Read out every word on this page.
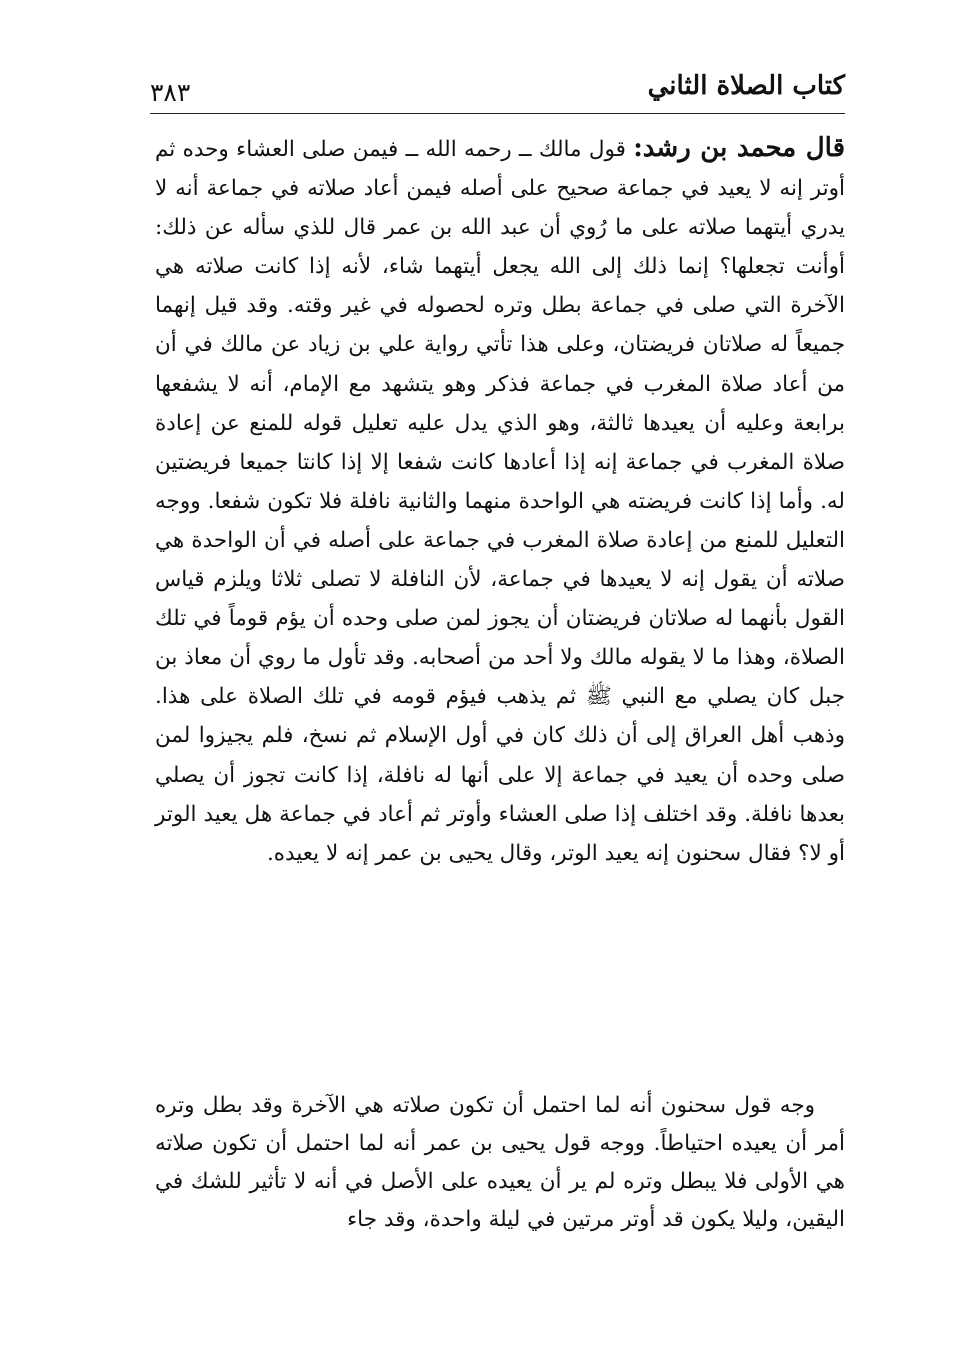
كتاب الصلاة الثاني
٣٨٣

قال محمد بن رشد: قول مالك ــ رحمه الله ــ فيمن صلى العشاء وحده ثم أوتر إنه لا يعيد في جماعة صحيح على أصله فيمن أعاد صلاته في جماعة أنه لا يدري أيتهما صلاته على ما رُوي أن عبد الله بن عمر قال للذي سأله عن ذلك: أوأنت تجعلها؟ إنما ذلك إلى الله يجعل أيتهما شاء، لأنه إذا كانت صلاته هي الآخرة التي صلى في جماعة بطل وتره لحصوله في غير وقته. وقد قيل إنهما جميعاً له صلاتان فريضتان، وعلى هذا تأتي رواية علي بن زياد عن مالك في أن من أعاد صلاة المغرب في جماعة فذكر وهو يتشهد مع الإمام، أنه لا يشفعها برابعة وعليه أن يعيدها ثالثة، وهو الذي يدل عليه تعليل قوله للمنع عن إعادة صلاة المغرب في جماعة إنه إذا أعادها كانت شفعا إلا إذا كانتا جميعا فريضتين له. وأما إذا كانت فريضته هي الواحدة منهما والثانية نافلة فلا تكون شفعا. ووجه التعليل للمنع من إعادة صلاة المغرب في جماعة على أصله في أن الواحدة هي صلاته أن يقول إنه لا يعيدها في جماعة، لأن النافلة لا تصلى ثلاثا ويلزم قياس القول بأنهما له صلاتان فريضتان أن يجوز لمن صلى وحده أن يؤم قوماً في تلك الصلاة، وهذا ما لا يقوله مالك ولا أحد من أصحابه. وقد تأول ما روي أن معاذ بن جبل كان يصلي مع النبي ﷺ ثم يذهب فيؤم قومه في تلك الصلاة على هذا. وذهب أهل العراق إلى أن ذلك كان في أول الإسلام ثم نسخ، فلم يجيزوا لمن صلى وحده أن يعيد في جماعة إلا على أنها له نافلة، إذا كانت تجوز أن يصلي بعدها نافلة. وقد اختلف إذا صلى العشاء وأوتر ثم أعاد في جماعة هل يعيد الوتر أو لا؟ فقال سحنون إنه يعيد الوتر، وقال يحيى بن عمر إنه لا يعيده.

وجه قول سحنون أنه لما احتمل أن تكون صلاته هي الآخرة وقد بطل وتره أمر أن يعيده احتياطاً. ووجه قول يحيى بن عمر أنه لما احتمل أن تكون صلاته هي الأولى فلا يبطل وتره لم ير أن يعيده على الأصل في أنه لا تأثير للشك في اليقين، وليلا يكون قد أوتر مرتين في ليلة واحدة، وقد جاء
